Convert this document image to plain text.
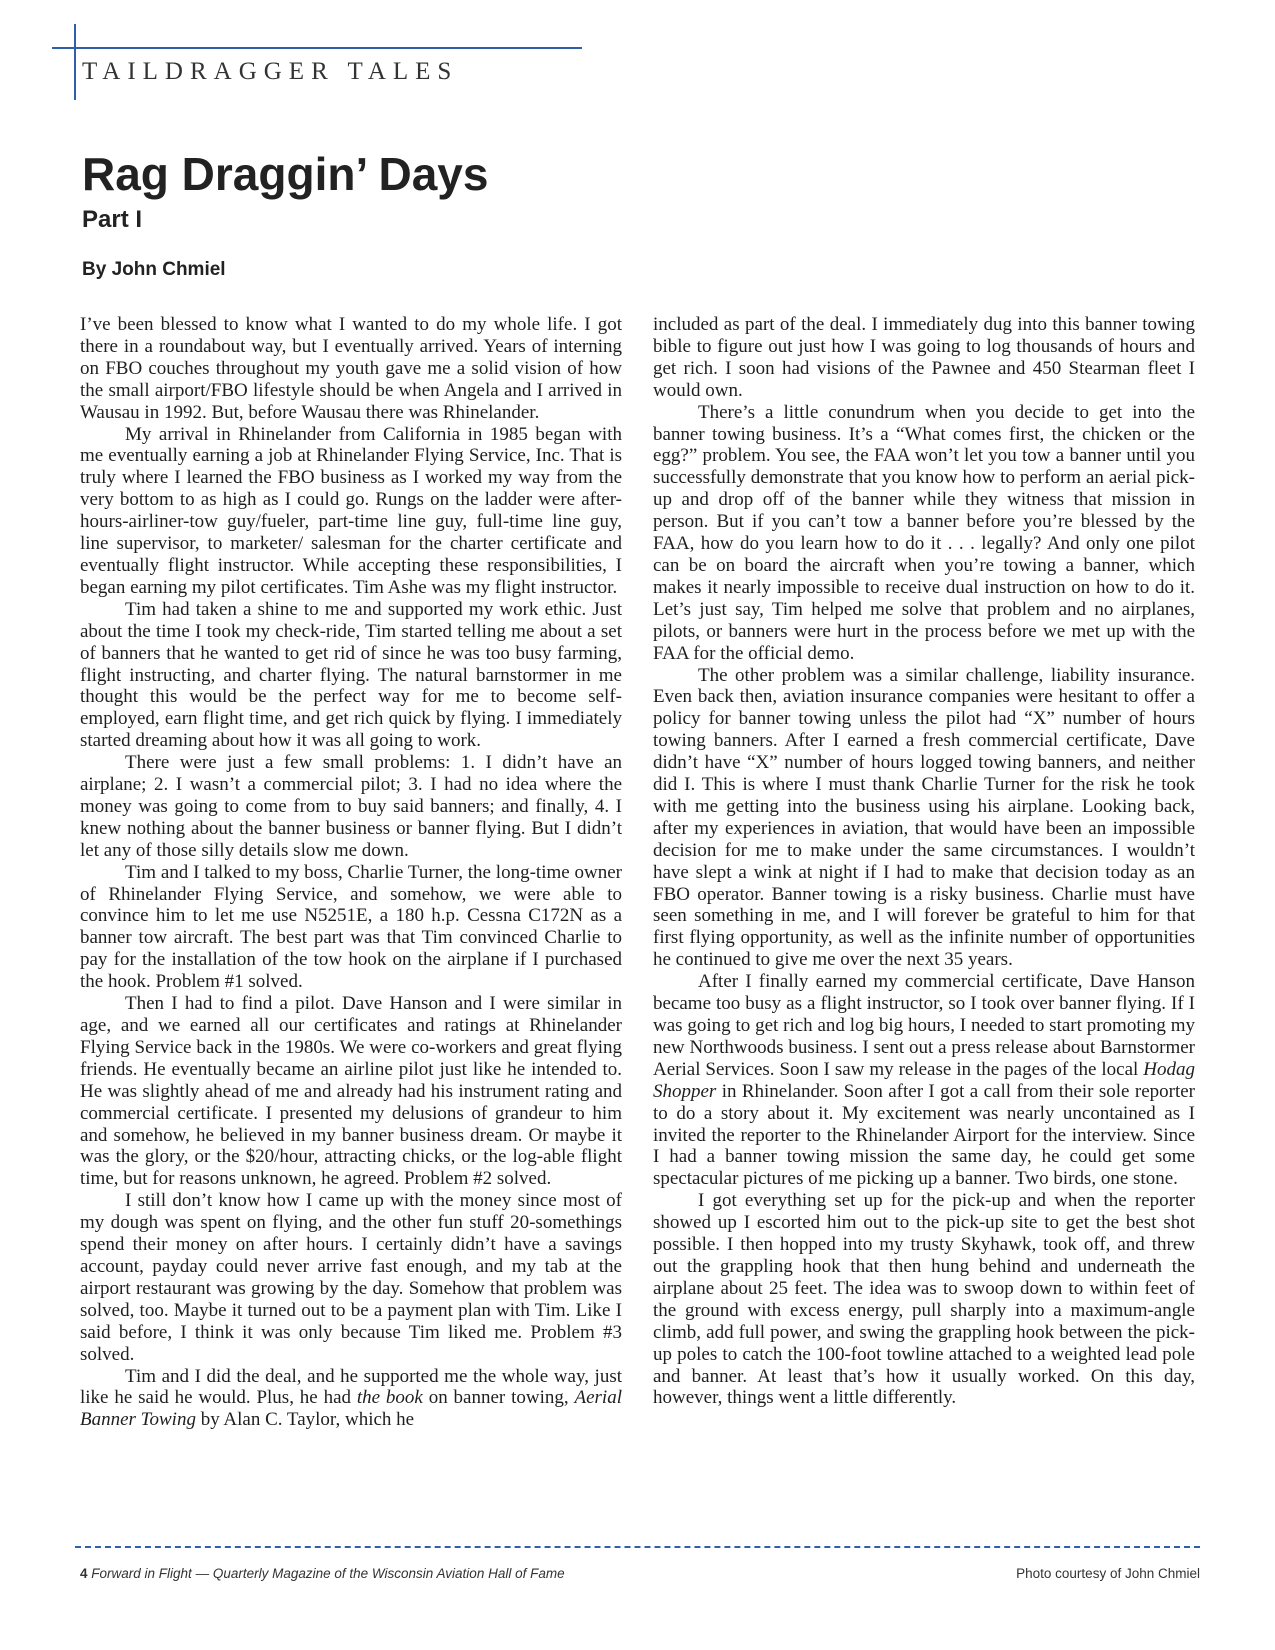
TAILDRAGGER TALES
Rag Draggin’ Days
Part I
By John Chmiel

I’ve been blessed to know what I wanted to do my whole life. I got there in a roundabout way, but I eventually arrived. Years of interning on FBO couches throughout my youth gave me a solid vision of how the small airport/FBO lifestyle should be when Angela and I arrived in Wausau in 1992. But, before Wausau there was Rhinelander.

My arrival in Rhinelander from California in 1985 began with me eventually earning a job at Rhinelander Flying Service, Inc. That is truly where I learned the FBO business as I worked my way from the very bottom to as high as I could go. Rungs on the ladder were after-hours-airliner-tow guy/fueler, part-time line guy, full-time line guy, line supervisor, to marketer/ salesman for the charter certificate and eventually flight instructor. While accepting these responsibilities, I began earning my pilot certificates. Tim Ashe was my flight instructor.

Tim had taken a shine to me and supported my work ethic. Just about the time I took my check-ride, Tim started telling me about a set of banners that he wanted to get rid of since he was too busy farming, flight instructing, and charter flying. The natural barnstormer in me thought this would be the perfect way for me to become self-employed, earn flight time, and get rich quick by flying. I immediately started dreaming about how it was all going to work.

There were just a few small problems: 1. I didn’t have an airplane; 2. I wasn’t a commercial pilot; 3. I had no idea where the money was going to come from to buy said banners; and finally, 4. I knew nothing about the banner business or banner flying. But I didn’t let any of those silly details slow me down.

Tim and I talked to my boss, Charlie Turner, the long-time owner of Rhinelander Flying Service, and somehow, we were able to convince him to let me use N5251E, a 180 h.p. Cessna C172N as a banner tow aircraft. The best part was that Tim convinced Charlie to pay for the installation of the tow hook on the airplane if I purchased the hook. Problem #1 solved.

Then I had to find a pilot. Dave Hanson and I were similar in age, and we earned all our certificates and ratings at Rhinelander Flying Service back in the 1980s. We were co-workers and great flying friends. He eventually became an airline pilot just like he intended to. He was slightly ahead of me and already had his instrument rating and commercial certificate. I presented my delusions of grandeur to him and somehow, he believed in my banner business dream. Or maybe it was the glory, or the $20/hour, attracting chicks, or the log-able flight time, but for reasons unknown, he agreed. Problem #2 solved.

I still don’t know how I came up with the money since most of my dough was spent on flying, and the other fun stuff 20-somethings spend their money on after hours. I certainly didn’t have a savings account, payday could never arrive fast enough, and my tab at the airport restaurant was growing by the day. Somehow that problem was solved, too. Maybe it turned out to be a payment plan with Tim. Like I said before, I think it was only because Tim liked me. Problem #3 solved.

Tim and I did the deal, and he supported me the whole way, just like he said he would. Plus, he had the book on banner towing, Aerial Banner Towing by Alan C. Taylor, which he

included as part of the deal. I immediately dug into this banner towing bible to figure out just how I was going to log thousands of hours and get rich. I soon had visions of the Pawnee and 450 Stearman fleet I would own.

There’s a little conundrum when you decide to get into the banner towing business. It’s a “What comes first, the chicken or the egg?” problem. You see, the FAA won’t let you tow a banner until you successfully demonstrate that you know how to perform an aerial pick-up and drop off of the banner while they witness that mission in person. But if you can’t tow a banner before you’re blessed by the FAA, how do you learn how to do it . . . legally? And only one pilot can be on board the aircraft when you’re towing a banner, which makes it nearly impossible to receive dual instruction on how to do it. Let’s just say, Tim helped me solve that problem and no airplanes, pilots, or banners were hurt in the process before we met up with the FAA for the official demo.

The other problem was a similar challenge, liability insurance. Even back then, aviation insurance companies were hesitant to offer a policy for banner towing unless the pilot had “X” number of hours towing banners. After I earned a fresh commercial certificate, Dave didn’t have “X” number of hours logged towing banners, and neither did I. This is where I must thank Charlie Turner for the risk he took with me getting into the business using his airplane. Looking back, after my experiences in aviation, that would have been an impossible decision for me to make under the same circumstances. I wouldn’t have slept a wink at night if I had to make that decision today as an FBO operator. Banner towing is a risky business. Charlie must have seen something in me, and I will forever be grateful to him for that first flying opportunity, as well as the infinite number of opportunities he continued to give me over the next 35 years.

After I finally earned my commercial certificate, Dave Hanson became too busy as a flight instructor, so I took over banner flying. If I was going to get rich and log big hours, I needed to start promoting my new Northwoods business. I sent out a press release about Barnstormer Aerial Services. Soon I saw my release in the pages of the local Hodag Shopper in Rhinelander. Soon after I got a call from their sole reporter to do a story about it. My excitement was nearly uncontained as I invited the reporter to the Rhinelander Airport for the interview. Since I had a banner towing mission the same day, he could get some spectacular pictures of me picking up a banner. Two birds, one stone.

I got everything set up for the pick-up and when the reporter showed up I escorted him out to the pick-up site to get the best shot possible. I then hopped into my trusty Skyhawk, took off, and threw out the grappling hook that then hung behind and underneath the airplane about 25 feet. The idea was to swoop down to within feet of the ground with excess energy, pull sharply into a maximum-angle climb, add full power, and swing the grappling hook between the pick-up poles to catch the 100-foot towline attached to a weighted lead pole and banner. At least that’s how it usually worked. On this day, however, things went a little differently.

4 Forward in Flight — Quarterly Magazine of the Wisconsin Aviation Hall of Fame	Photo courtesy of John Chmiel
